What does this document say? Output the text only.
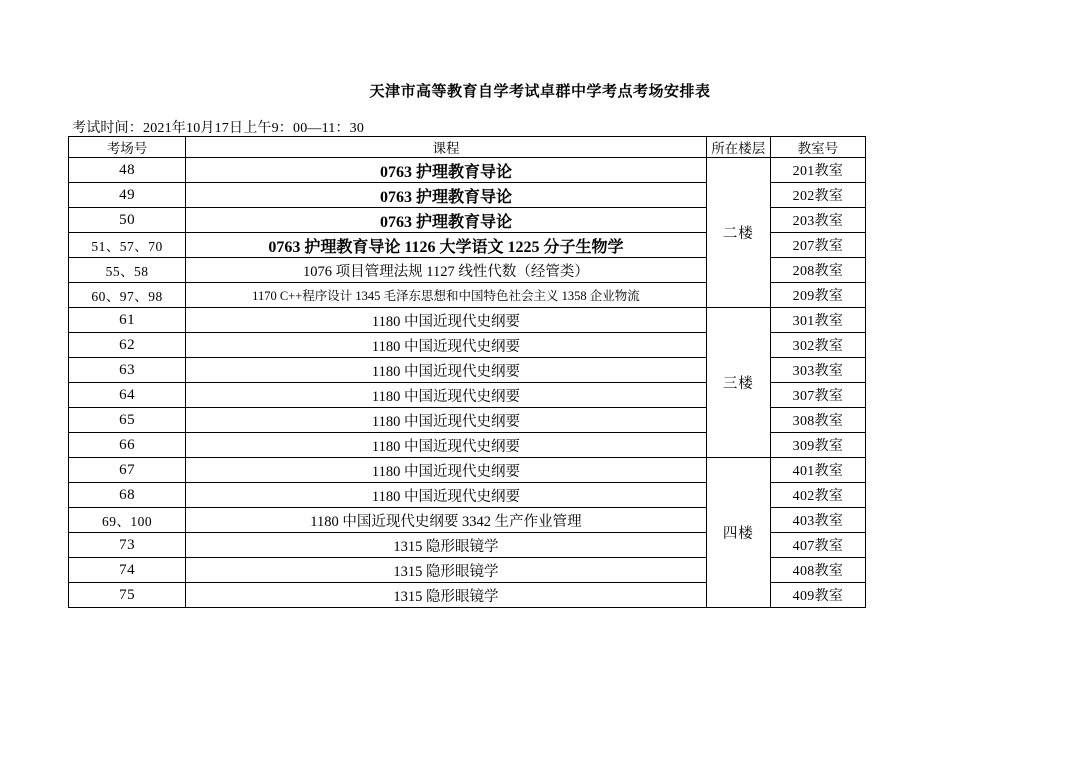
天津市高等教育自学考试卓群中学考点考场安排表
考试时间：2021年10月17日上午9：00—11：30
考场号	课程	所在楼层	教室号
48	0763 护理教育导论	二楼	201教室
49	0763 护理教育导论		202教室
50	0763 护理教育导论		203教室
51、57、70	0763 护理教育导论 1126 大学语文 1225 分子生物学		207教室
55、58	1076 项目管理法规 1127 线性代数（经管类）		208教室
60、97、98	1170 C++程序设计 1345 毛泽东思想和中国特色社会主义 1358 企业物流		209教室
61	1180 中国近现代史纲要	三楼	301教室
62	1180 中国近现代史纲要		302教室
63	1180 中国近现代史纲要		303教室
64	1180 中国近现代史纲要		307教室
65	1180 中国近现代史纲要		308教室
66	1180 中国近现代史纲要		309教室
67	1180 中国近现代史纲要	四楼	401教室
68	1180 中国近现代史纲要		402教室
69、100	1180 中国近现代史纲要 3342 生产作业管理		403教室
73	1315 隐形眼镜学		407教室
74	1315 隐形眼镜学		408教室
75	1315 隐形眼镜学		409教室
